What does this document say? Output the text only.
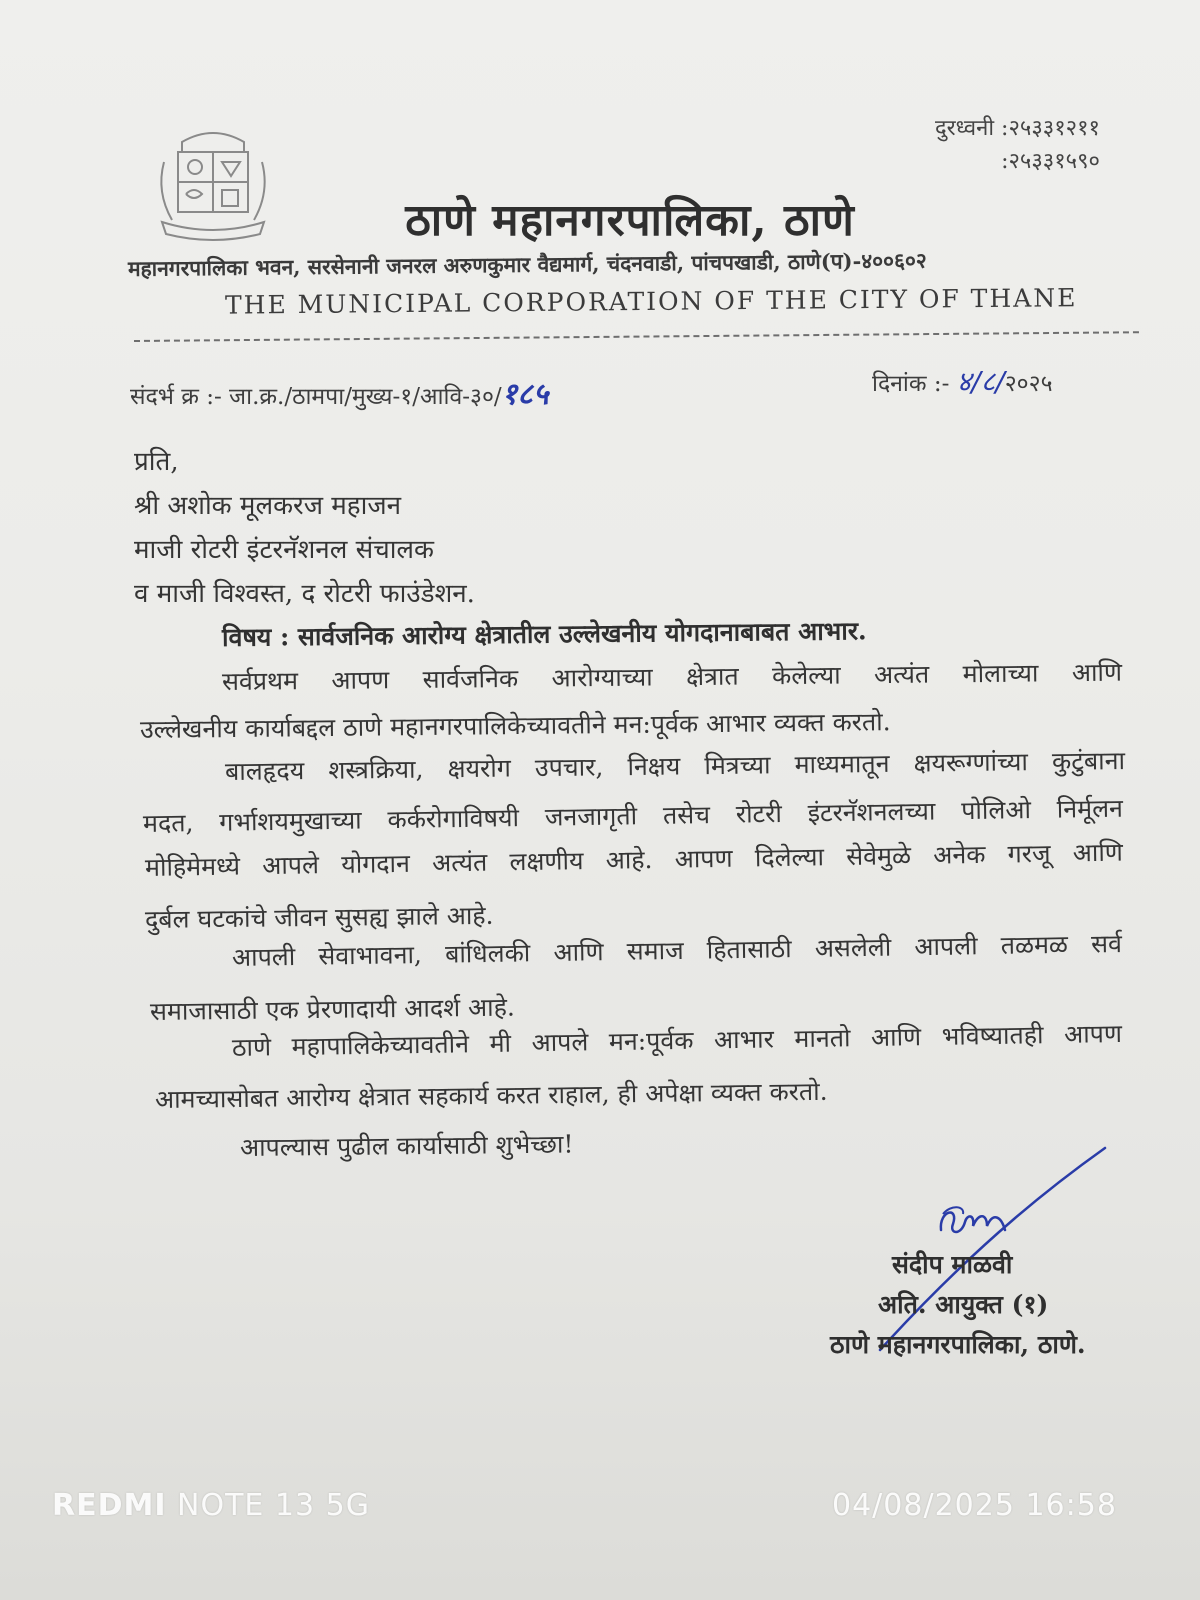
दुरध्वनी :२५३३१२११
:२५३३१५९०
ठाणे महानगरपालिका, ठाणे
महानगरपालिका भवन, सरसेनानी जनरल अरुणकुमार वैद्यमार्ग, चंदनवाडी, पांचपखाडी, ठाणे(प)-४००६०२
THE MUNICIPAL CORPORATION OF THE CITY OF THANE
संदर्भ क्र :- जा.क्र./ठामपा/मुख्य-१/आवि-३०/१८५	दिनांक :- ४/८/२०२५
प्रति,
श्री अशोक मूलकरज महाजन
माजी रोटरी इंटरनॅशनल संचालक
व माजी विश्वस्त, द रोटरी फाउंडेशन.
विषय : सार्वजनिक आरोग्य क्षेत्रातील उल्लेखनीय योगदानाबाबत आभार.
सर्वप्रथम आपण सार्वजनिक आरोग्याच्या क्षेत्रात केलेल्या अत्यंत मोलाच्या आणि
उल्लेखनीय कार्याबद्दल ठाणे महानगरपालिकेच्यावतीने मन:पूर्वक आभार व्यक्त करतो.
बालहृदय शस्त्रक्रिया, क्षयरोग उपचार, निक्षय मित्रच्या माध्यमातून क्षयरूग्णांच्या कुटुंबाना
मदत, गर्भाशयमुखाच्या कर्करोगाविषयी जनजागृती तसेच रोटरी इंटरनॅशनलच्या पोलिओ निर्मूलन
मोहिमेमध्ये आपले योगदान अत्यंत लक्षणीय आहे. आपण दिलेल्या सेवेमुळे अनेक गरजू आणि
दुर्बल घटकांचे जीवन सुसह्य झाले आहे.
आपली सेवाभावना, बांधिलकी आणि समाज हितासाठी असलेली आपली तळमळ सर्व
समाजासाठी एक प्रेरणादायी आदर्श आहे.
ठाणे महापालिकेच्यावतीने मी आपले मन:पूर्वक आभार मानतो आणि भविष्यातही आपण
आमच्यासोबत आरोग्य क्षेत्रात सहकार्य करत राहाल, ही अपेक्षा व्यक्त करतो.
आपल्यास पुढील कार्यासाठी शुभेच्छा!
संदीप माळवी
अति. आयुक्त (१)
ठाणे महानगरपालिका, ठाणे.
REDMI NOTE 13 5G	04/08/2025 16:58
